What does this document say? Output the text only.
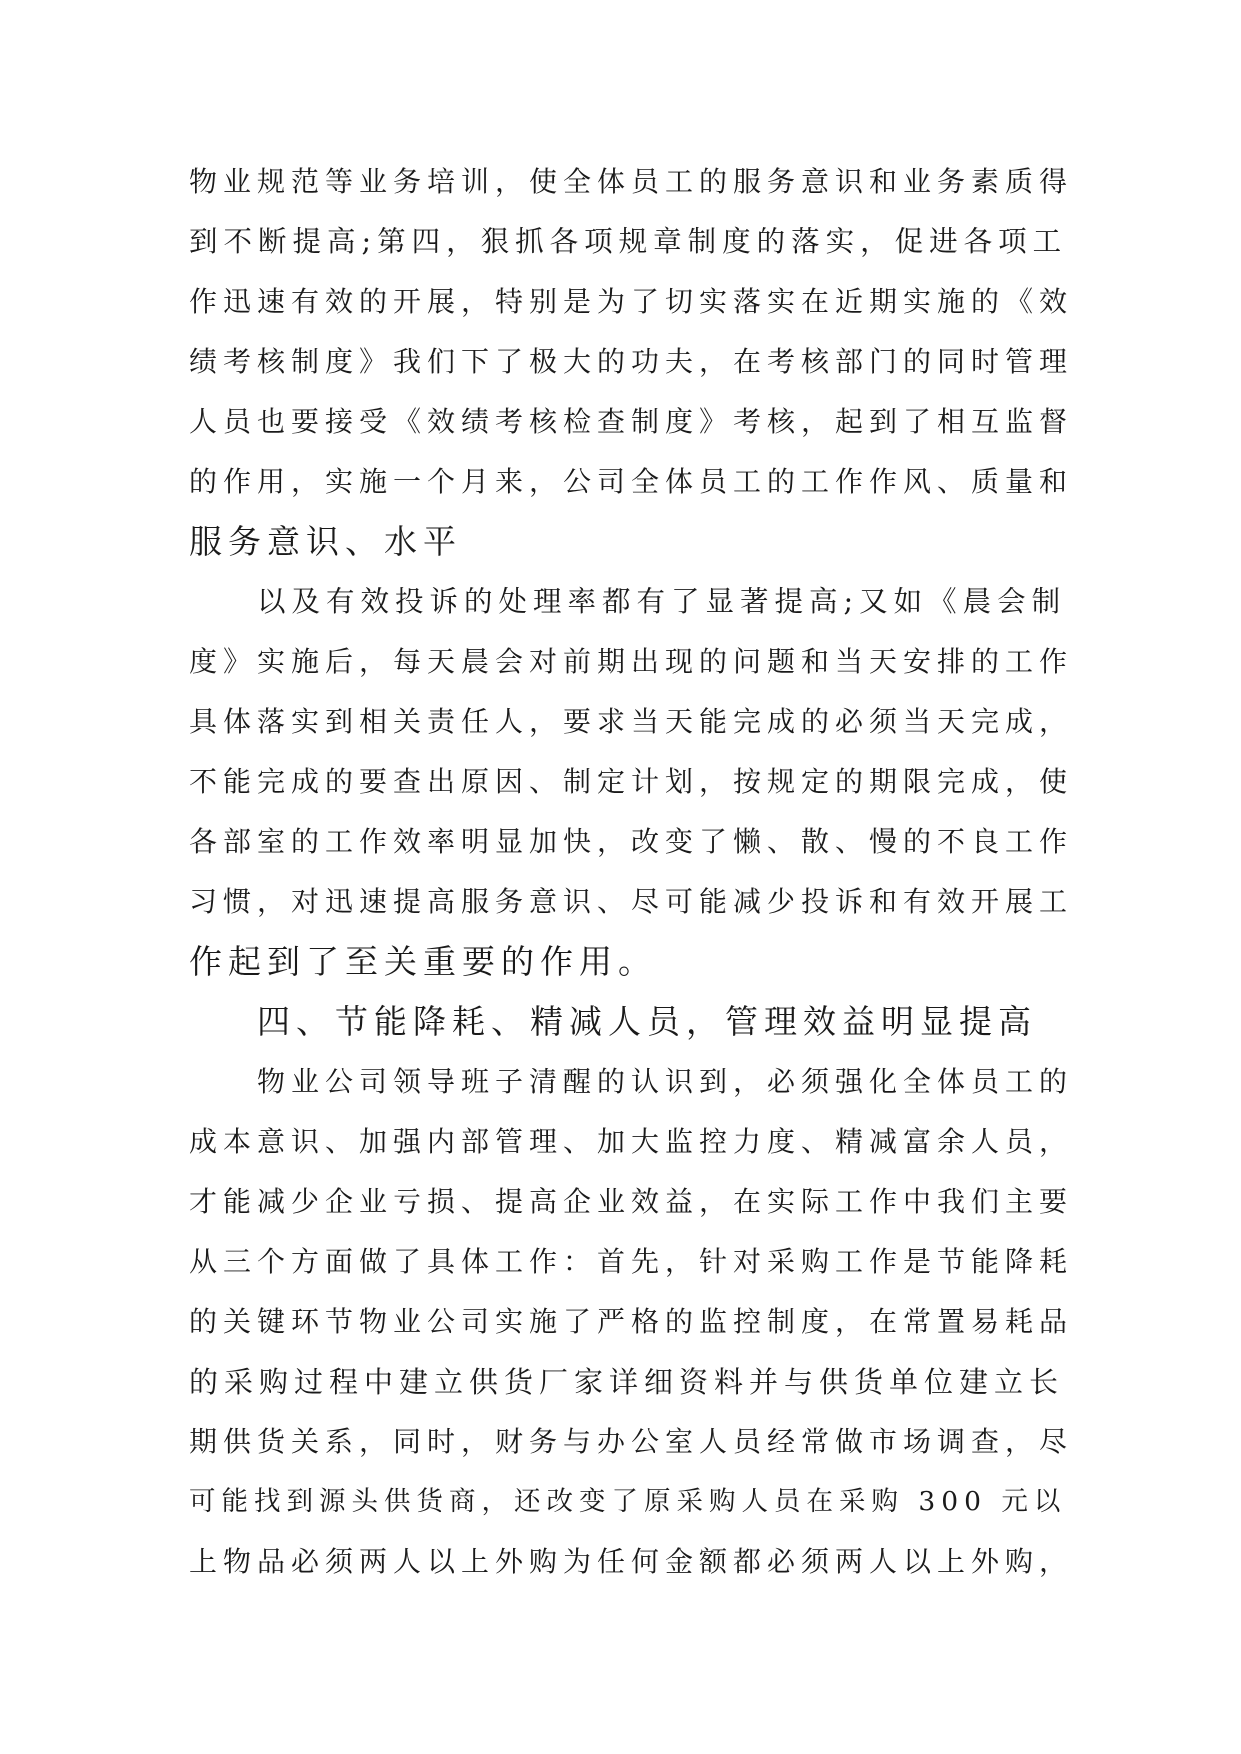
物业规范等业务培训，使全体员工的服务意识和业务素质得
到不断提高;第四，狠抓各项规章制度的落实，促进各项工
作迅速有效的开展，特别是为了切实落实在近期实施的《效
绩考核制度》我们下了极大的功夫，在考核部门的同时管理
人员也要接受《效绩考核检查制度》考核，起到了相互监督
的作用，实施一个月来，公司全体员工的工作作风、质量和
服务意识、水平
以及有效投诉的处理率都有了显著提高;又如《晨会制
度》实施后，每天晨会对前期出现的问题和当天安排的工作
具体落实到相关责任人，要求当天能完成的必须当天完成，
不能完成的要查出原因、制定计划，按规定的期限完成，使
各部室的工作效率明显加快，改变了懒、散、慢的不良工作
习惯，对迅速提高服务意识、尽可能减少投诉和有效开展工
作起到了至关重要的作用。
四、节能降耗、精减人员，管理效益明显提高
物业公司领导班子清醒的认识到，必须强化全体员工的
成本意识、加强内部管理、加大监控力度、精减富余人员，
才能减少企业亏损、提高企业效益，在实际工作中我们主要
从三个方面做了具体工作：首先，针对采购工作是节能降耗
的关键环节物业公司实施了严格的监控制度，在常置易耗品
的采购过程中建立供货厂家详细资料并与供货单位建立长
期供货关系，同时，财务与办公室人员经常做市场调查，尽
可能找到源头供货商，还改变了原采购人员在采购 300 元以
上物品必须两人以上外购为任何金额都必须两人以上外购，
